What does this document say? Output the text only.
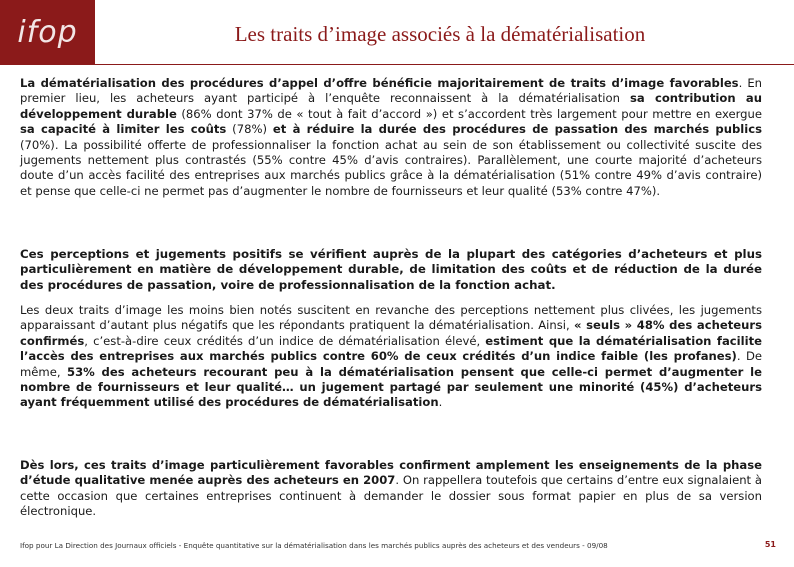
ifop	Les traits d’image associés à la dématérialisation

La dématérialisation des procédures d’appel d’offre bénéficie majoritairement de traits d’image favorables. En premier lieu, les acheteurs ayant participé à l’enquête reconnaissent à la dématérialisation sa contribution au développement durable (86% dont 37% de « tout à fait d’accord ») et s’accordent très largement pour mettre en exergue sa capacité à limiter les coûts (78%) et à réduire la durée des procédures de passation des marchés publics (70%). La possibilité offerte de professionnaliser la fonction achat au sein de son établissement ou collectivité suscite des jugements nettement plus contrastés (55% contre 45% d’avis contraires). Parallèlement, une courte majorité d’acheteurs doute d’un accès facilité des entreprises aux marchés publics grâce à la dématérialisation (51% contre 49% d’avis contraire) et pense que celle-ci ne permet pas d’augmenter le nombre de fournisseurs et leur qualité (53% contre 47%).

Ces perceptions et jugements positifs se vérifient auprès de la plupart des catégories d’acheteurs et plus particulièrement en matière de développement durable, de limitation des coûts et de réduction de la durée des procédures de passation, voire de professionnalisation de la fonction achat.

Les deux traits d’image les moins bien notés suscitent en revanche des perceptions nettement plus clivées, les jugements apparaissant d’autant plus négatifs que les répondants pratiquent la dématérialisation. Ainsi, « seuls » 48% des acheteurs confirmés, c’est-à-dire ceux crédités d’un indice de dématérialisation élevé, estiment que la dématérialisation facilite l’accès des entreprises aux marchés publics contre 60% de ceux crédités d’un indice faible (les profanes). De même, 53% des acheteurs recourant peu à la dématérialisation pensent que celle-ci permet d’augmenter le nombre de fournisseurs et leur qualité… un jugement partagé par seulement une minorité (45%) d’acheteurs ayant fréquemment utilisé des procédures de dématérialisation.

Dès lors, ces traits d’image particulièrement favorables confirment amplement les enseignements de la phase d’étude qualitative menée auprès des acheteurs en 2007. On rappellera toutefois que certains d’entre eux signalaient à cette occasion que certaines entreprises continuent à demander le dossier sous format papier en plus de sa version électronique.

Ifop pour La Direction des Journaux officiels - Enquête quantitative sur la dématérialisation dans les marchés publics auprès des acheteurs et des vendeurs - 09/08	51
